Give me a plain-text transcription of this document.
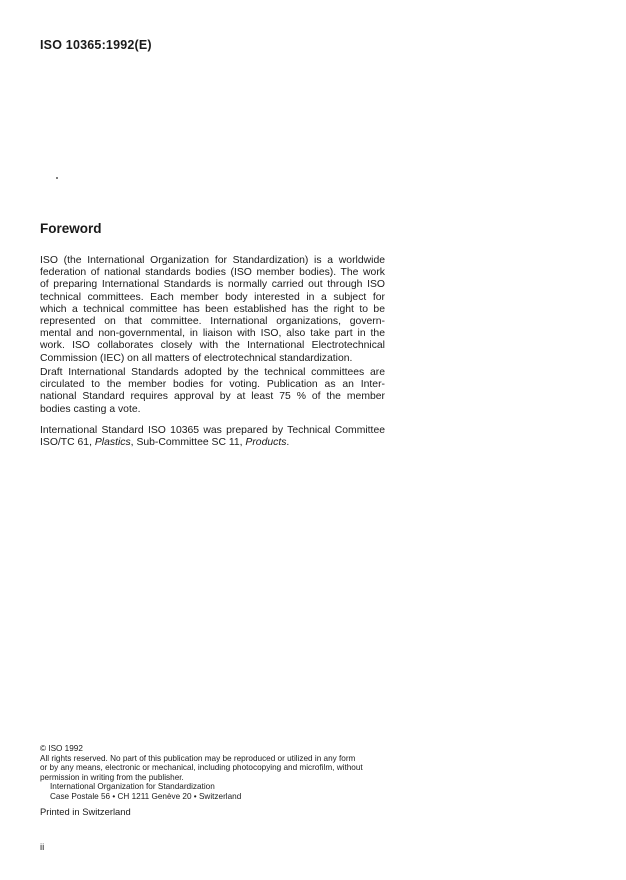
ISO 10365:1992(E)
Foreword
ISO (the International Organization for Standardization) is a worldwide
federation of national standards bodies (ISO member bodies). The work
of preparing International Standards is normally carried out through ISO
technical committees. Each member body interested in a subject for
which a technical committee has been established has the right to be
represented on that committee. International organizations, govern-
mental and non-governmental, in liaison with ISO, also take part in the
work. ISO collaborates closely with the International Electrotechnical
Commission (IEC) on all matters of electrotechnical standardization.
Draft International Standards adopted by the technical committees are
circulated to the member bodies for voting. Publication as an Inter-
national Standard requires approval by at least 75 % of the member
bodies casting a vote.
International Standard ISO 10365 was prepared by Technical Committee
ISO/TC 61, Plastics, Sub-Committee SC 11, Products.
© ISO 1992
All rights reserved. No part of this publication may be reproduced or utilized in any form
or by any means, electronic or mechanical, including photocopying and microfilm, without
permission in writing from the publisher.
International Organization for Standardization
Case Postale 56 • CH 1211 Genève 20 • Switzerland
Printed in Switzerland
ii
